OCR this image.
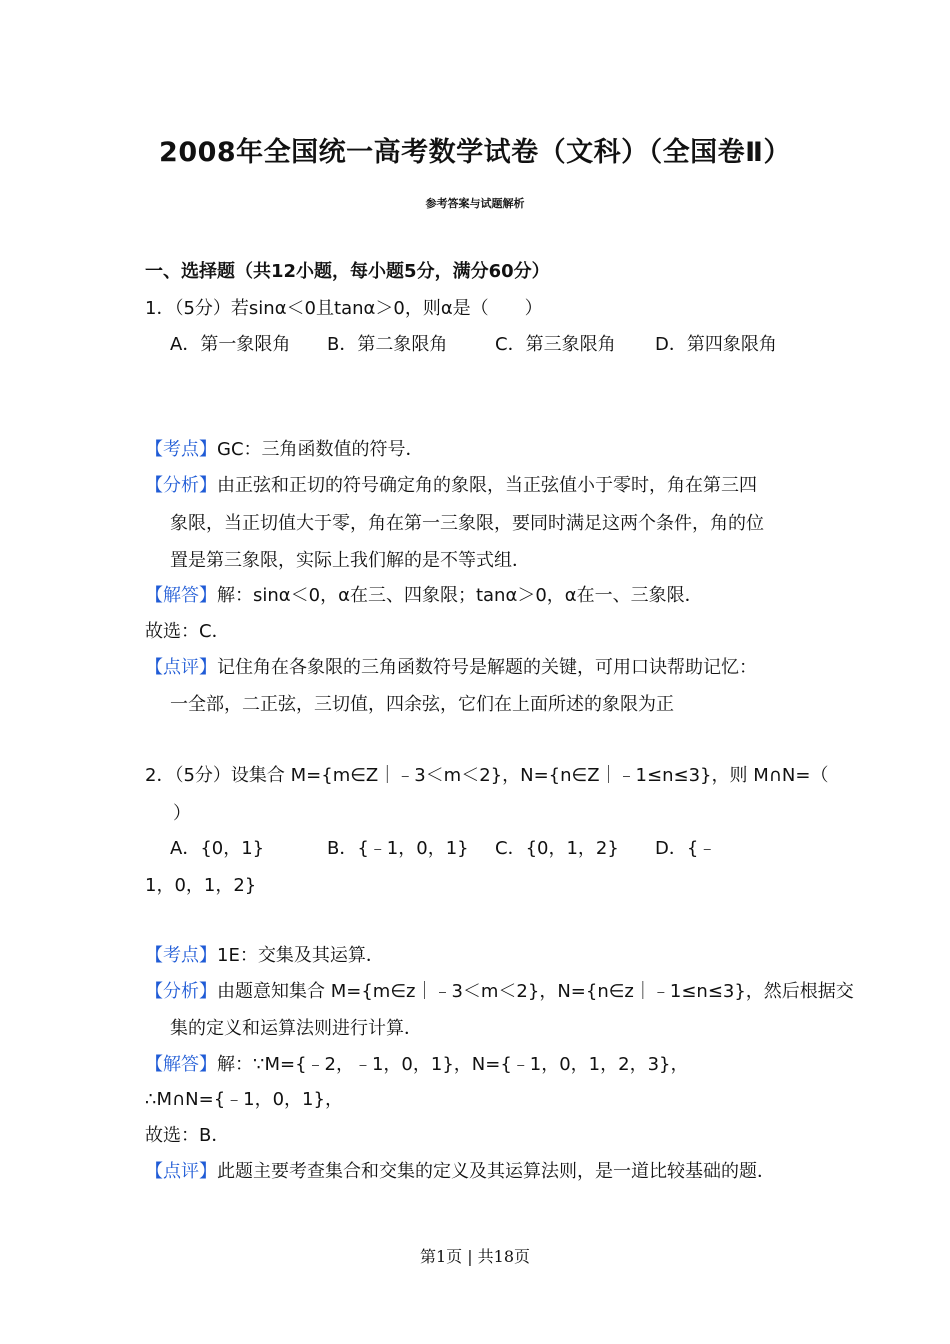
2008年全国统一高考数学试卷（文科）（全国卷Ⅱ）
参考答案与试题解析
一、选择题（共12小题，每小题5分，满分60分）
1．（5分）若sinα＜0且tanα＞0，则α是（　　）
A．第一象限角 B．第二象限角	C．第三象限角 D．第四象限角
【考点】GC：三角函数值的符号．
【分析】由正弦和正切的符号确定角的象限，当正弦值小于零时，角在第三四
象限，当正切值大于零，角在第一三象限，要同时满足这两个条件，角的位
置是第三象限，实际上我们解的是不等式组．
【解答】解：sinα＜0，α在三、四象限；tanα＞0，α在一、三象限．
故选：C．
【点评】记住角在各象限的三角函数符号是解题的关键，可用口诀帮助记忆：
一全部，二正弦，三切值，四余弦，它们在上面所述的象限为正
2．（5分）设集合 M={m∈Z｜﹣3＜m＜2}，N={n∈Z｜﹣1≤n≤3}，则 M∩N=（
）
A．{0，1}	B．{﹣1，0，1} C．{0，1，2} D．{﹣
1，0，1，2}
【考点】1E：交集及其运算．
【分析】由题意知集合 M={m∈z｜﹣3＜m＜2}，N={n∈z｜﹣1≤n≤3}，然后根据交
集的定义和运算法则进行计算．
【解答】解：∵M={﹣2，﹣1，0，1}，N={﹣1，0，1，2，3}，
∴M∩N={﹣1，0，1}，
故选：B．
【点评】此题主要考查集合和交集的定义及其运算法则，是一道比较基础的题．
第1页 | 共18页
